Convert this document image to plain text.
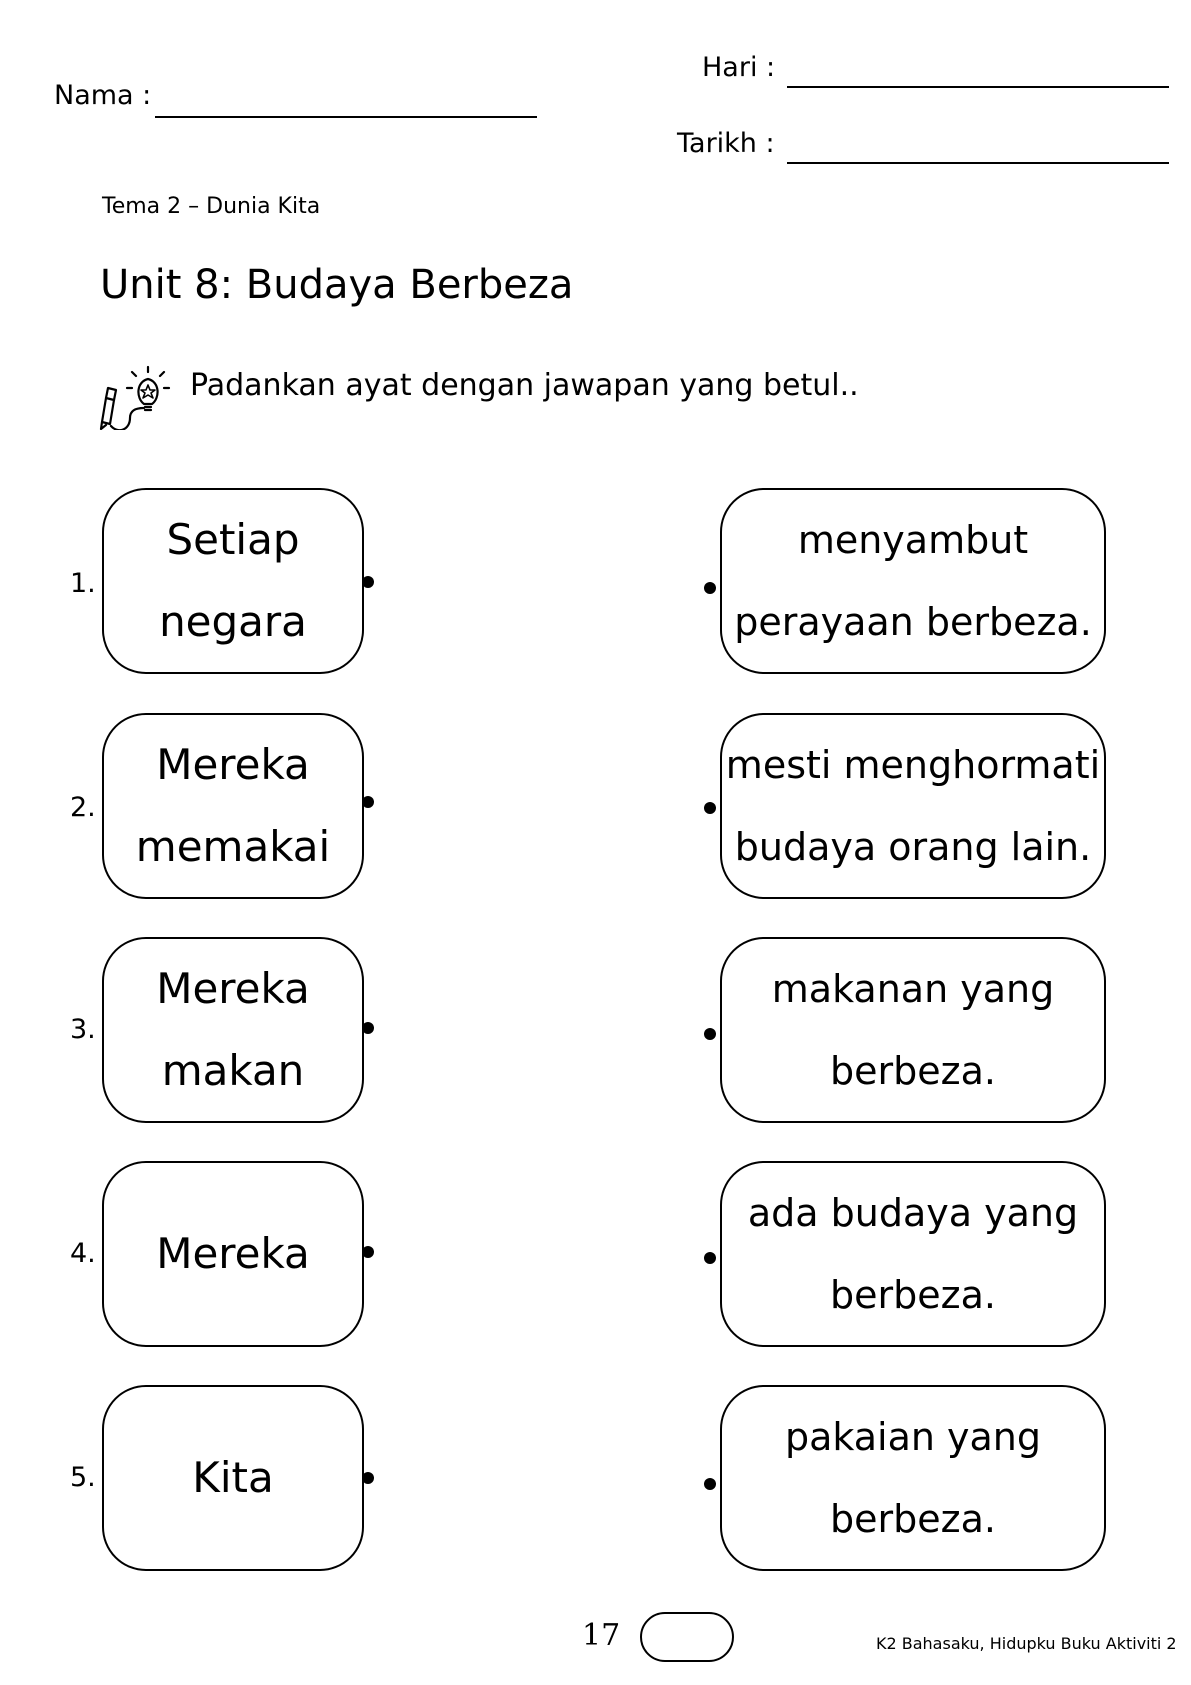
Nama :
Hari :
Tarikh :
Tema 2 – Dunia Kita
Unit 8: Budaya Berbeza
Padankan ayat dengan jawapan yang betul..
1.
Setiap
negara
menyambut
perayaan berbeza.
2.
Mereka
memakai
mesti menghormati
budaya orang lain.
3.
Mereka
makan
makanan yang
berbeza.
4. Mereka
ada budaya yang
berbeza.
5. Kita
pakaian yang
berbeza.
17	K2 Bahasaku, Hidupku Buku Aktiviti 2
